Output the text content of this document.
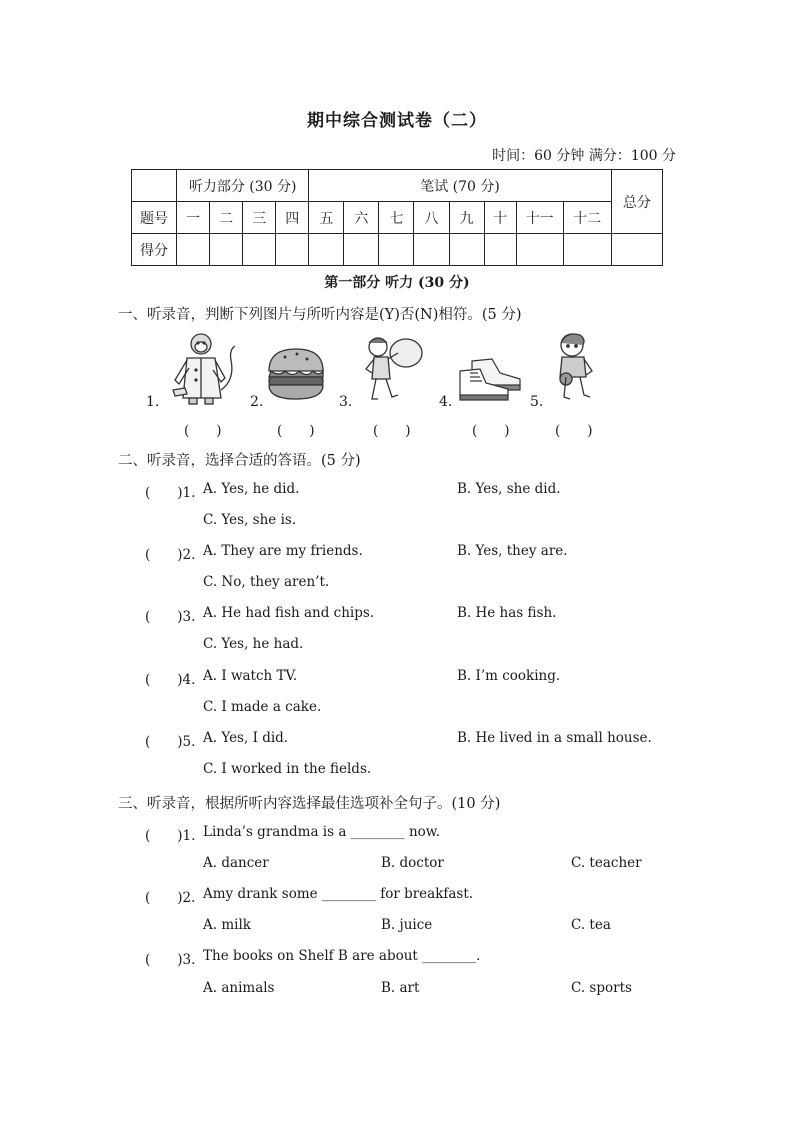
期中综合测试卷（二）
时间：60 分钟 满分：100 分
	听力部分 (30 分)				笔试 (70 分)								总分
题号	一	二	三	四	五	六	七	八	九	十	十一	十二	
得分													
第一部分 听力 (30 分)
一、听录音，判断下列图片与所听内容是(Y)否(N)相符。(5 分)
1.
(　　)
2.
(　　)
3.
(　　)
4.
(　　)
5.
(　　)
二、听录音，选择合适的答语。(5 分)
(　　)1. A. Yes, he did.	B. Yes, she did.
C. Yes, she is.
(　　)2. A. They are my friends.	B. Yes, they are.
C. No, they aren’t.
(　　)3. A. He had fish and chips.	B. He has fish.
C. Yes, he had.
(　　)4. A. I watch TV.	B. I’m cooking.
C. I made a cake.
(　　)5. A. Yes, I did.	B. He lived in a small house.
C. I worked in the fields.
三、听录音，根据所听内容选择最佳选项补全句子。(10 分)
(　　)1. Linda’s grandma is a ________ now.
A. dancer	B. doctor	C. teacher
(　　)2. Amy drank some ________ for breakfast.
A. milk	B. juice	C. tea
(　　)3. The books on Shelf B are about ________.
A. animals	B. art	C. sports
